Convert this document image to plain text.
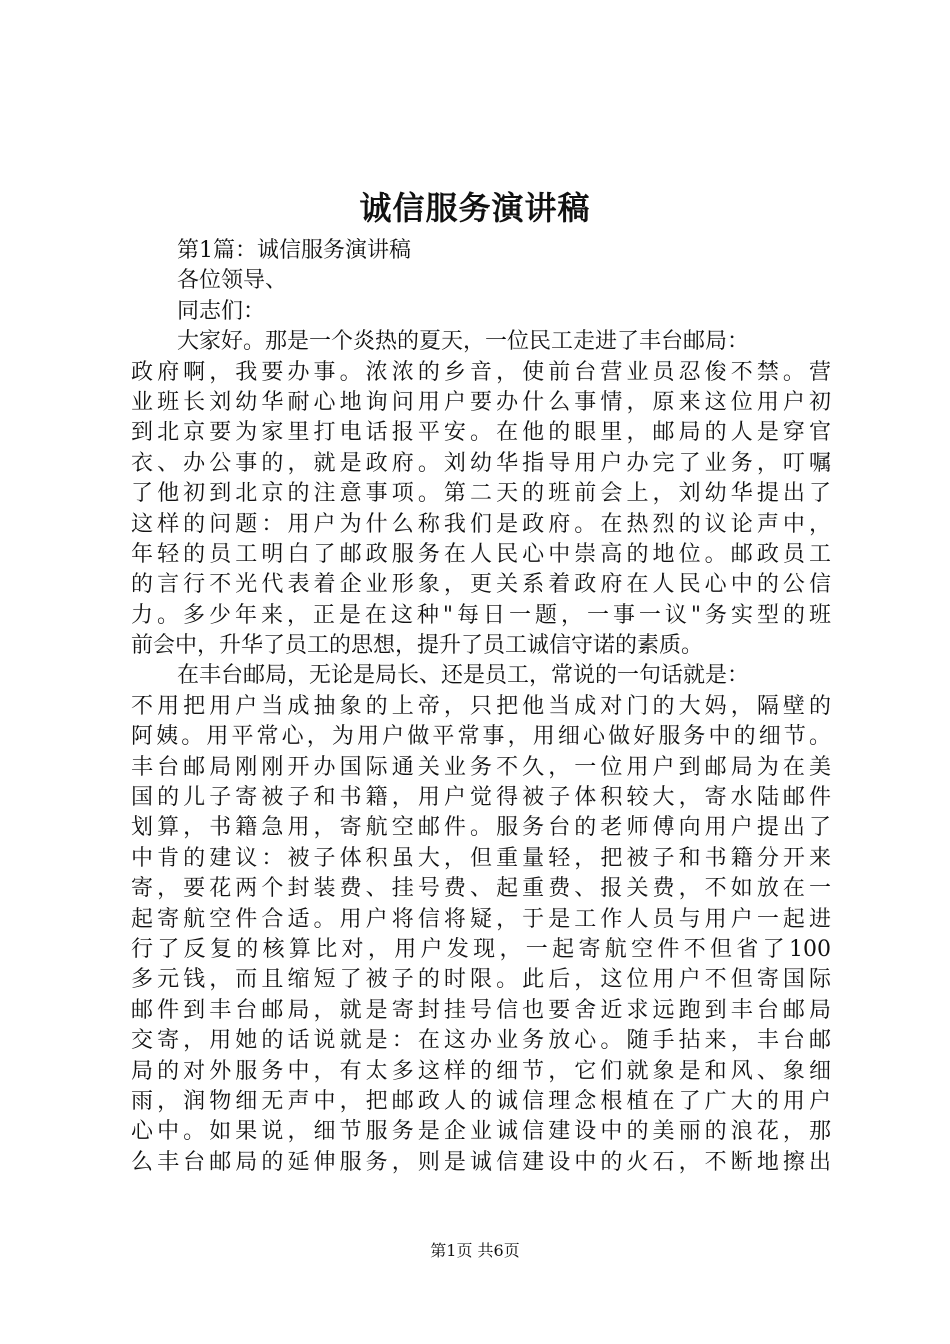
诚信服务演讲稿
第1篇：诚信服务演讲稿
各位领导、
同志们：
大家好。那是一个炎热的夏天，一位民工走进了丰台邮局：
政府啊，我要办事。浓浓的乡音，使前台营业员忍俊不禁。营
业班长刘幼华耐心地询问用户要办什么事情，原来这位用户初
到北京要为家里打电话报平安。在他的眼里，邮局的人是穿官
衣、办公事的，就是政府。刘幼华指导用户办完了业务，叮嘱
了他初到北京的注意事项。第二天的班前会上，刘幼华提出了
这样的问题：用户为什么称我们是政府。在热烈的议论声中，
年轻的员工明白了邮政服务在人民心中崇高的地位。邮政员工
的言行不光代表着企业形象，更关系着政府在人民心中的公信
力。多少年来，正是在这种"每日一题，一事一议"务实型的班
前会中，升华了员工的思想，提升了员工诚信守诺的素质。
在丰台邮局，无论是局长、还是员工，常说的一句话就是：
不用把用户当成抽象的上帝，只把他当成对门的大妈，隔壁的
阿姨。用平常心，为用户做平常事，用细心做好服务中的细节。
丰台邮局刚刚开办国际通关业务不久，一位用户到邮局为在美
国的儿子寄被子和书籍，用户觉得被子体积较大，寄水陆邮件
划算，书籍急用，寄航空邮件。服务台的老师傅向用户提出了
中肯的建议：被子体积虽大，但重量轻，把被子和书籍分开来
寄，要花两个封装费、挂号费、起重费、报关费，不如放在一
起寄航空件合适。用户将信将疑，于是工作人员与用户一起进
行了反复的核算比对，用户发现，一起寄航空件不但省了100
多元钱，而且缩短了被子的时限。此后，这位用户不但寄国际
邮件到丰台邮局，就是寄封挂号信也要舍近求远跑到丰台邮局
交寄，用她的话说就是：在这办业务放心。随手拈来，丰台邮
局的对外服务中，有太多这样的细节，它们就象是和风、象细
雨，润物细无声中，把邮政人的诚信理念根植在了广大的用户
心中。如果说，细节服务是企业诚信建设中的美丽的浪花，那
么丰台邮局的延伸服务，则是诚信建设中的火石，不断地擦出
第1页 共6页
